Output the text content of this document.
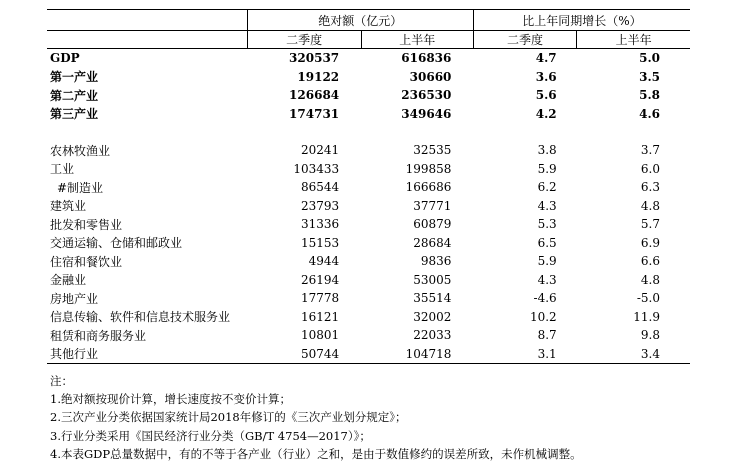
	绝对额（亿元）		比上年同期增长（%）	
	二季度	上半年	二季度	上半年
GDP	320537	616836	4.7	5.0
第一产业	19122	30660	3.6	3.5
第二产业	126684	236530	5.6	5.8
第三产业	174731	349646	4.2	4.6

农林牧渔业	20241	32535	3.8	3.7
工业	103433	199858	5.9	6.0
#制造业	86544	166686	6.2	6.3
建筑业	23793	37771	4.3	4.8
批发和零售业	31336	60879	5.3	5.7
交通运输、仓储和邮政业	15153	28684	6.5	6.9
住宿和餐饮业	4944	9836	5.9	6.6
金融业	26194	53005	4.3	4.8
房地产业	17778	35514	-4.6	-5.0
信息传输、软件和信息技术服务业	16121	32002	10.2	11.9
租赁和商务服务业	10801	22033	8.7	9.8
其他行业	50744	104718	3.1	3.4
注：
1.绝对额按现价计算，增长速度按不变价计算；
2.三次产业分类依据国家统计局2018年修订的《三次产业划分规定》；
3.行业分类采用《国民经济行业分类（GB/T 4754—2017）》；
4.本表GDP总量数据中，有的不等于各产业（行业）之和，是由于数值修约的误差所致，未作机械调整。
